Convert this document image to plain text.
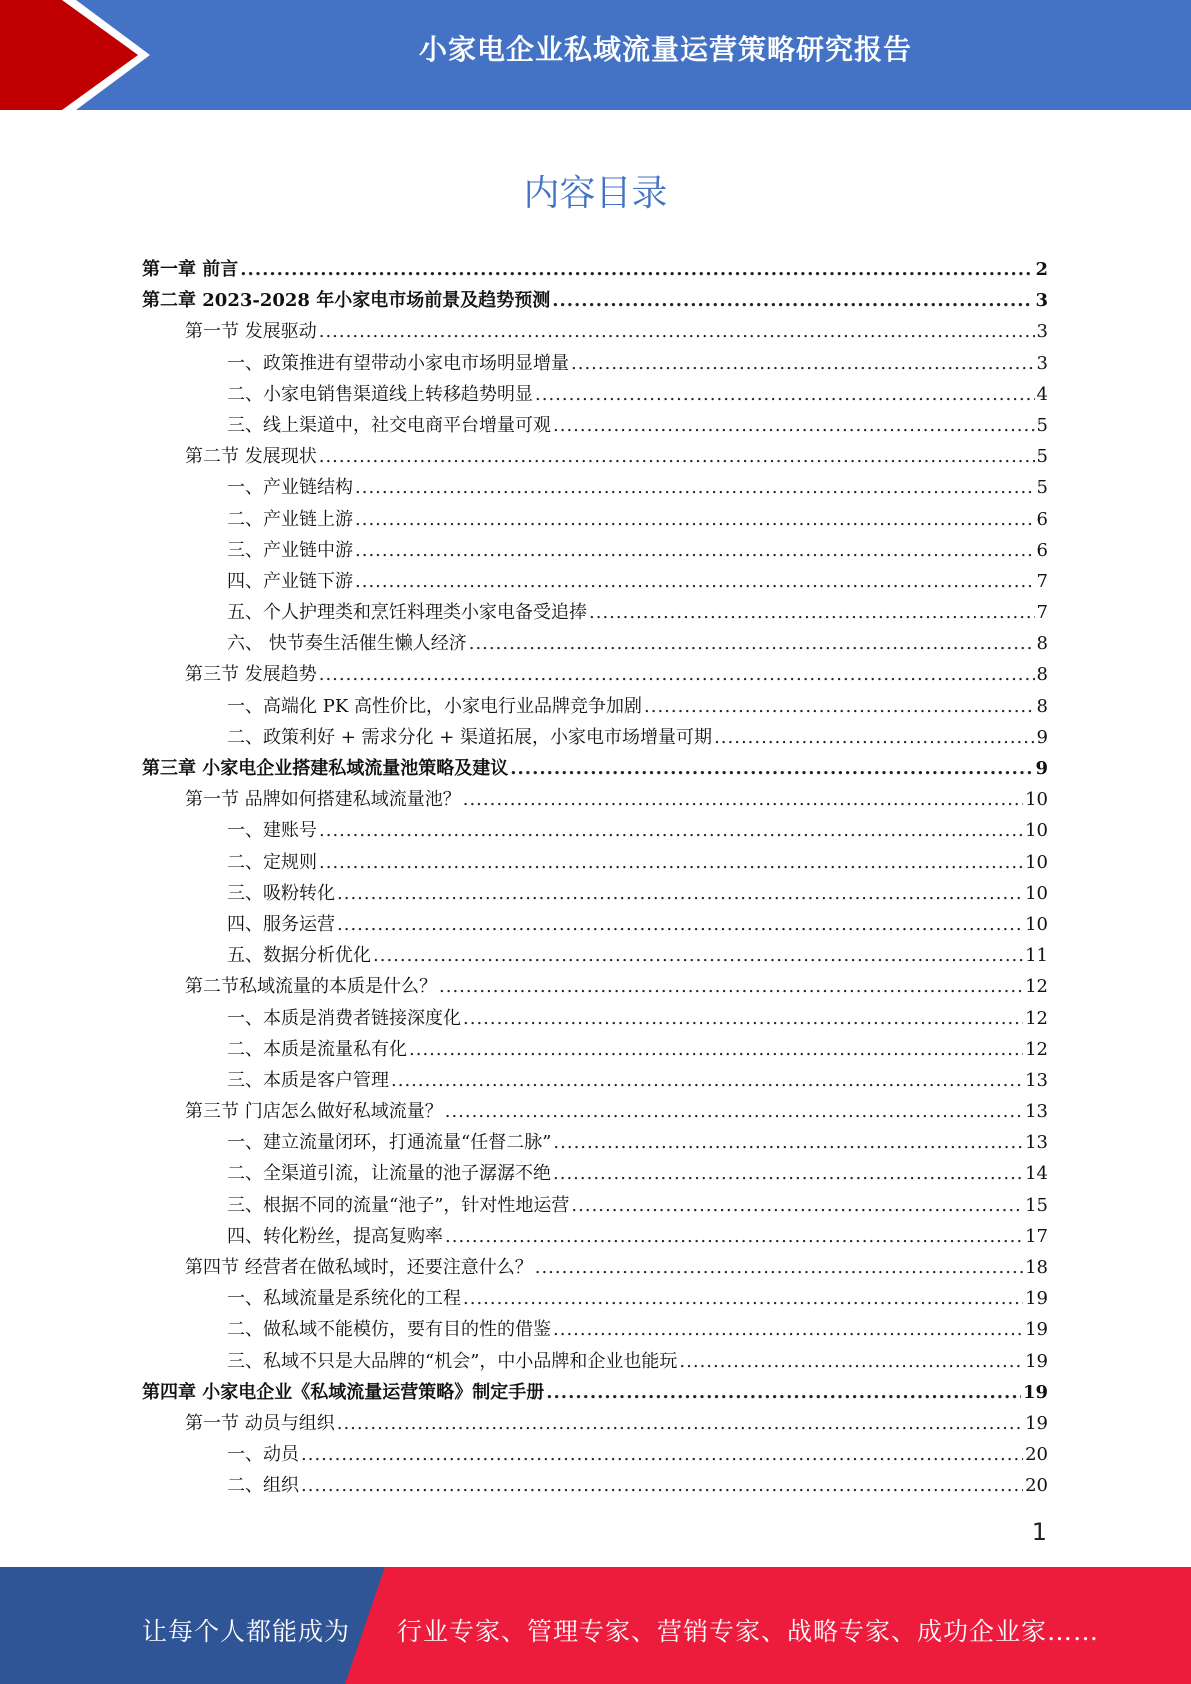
小家电企业私域流量运营策略研究报告
内容目录
第一章 前言 .....	2
第二章 2023-2028 年小家电市场前景及趋势预测 .....	3
第一节 发展驱动 .....	3
一、政策推进有望带动小家电市场明显增量 .....	3
二、小家电销售渠道线上转移趋势明显 .....	4
三、线上渠道中，社交电商平台增量可观 .....	5
第二节 发展现状 .....	5
一、产业链结构 .....	5
二、产业链上游 .....	6
三、产业链中游 .....	6
四、产业链下游 .....	7
五、个人护理类和烹饪料理类小家电备受追捧 .....	7
六、 快节奏生活催生懒人经济 .....	8
第三节 发展趋势 .....	8
一、高端化 PK 高性价比，小家电行业品牌竞争加剧 .....	8
二、政策利好 + 需求分化 + 渠道拓展，小家电市场增量可期 .....	9
第三章 小家电企业搭建私域流量池策略及建议 .....	9
第一节 品牌如何搭建私域流量池？ .....	10
一、建账号 .....	10
二、定规则 .....	10
三、吸粉转化 .....	10
四、服务运营 .....	10
五、数据分析优化 .....	11
第二节私域流量的本质是什么？ .....	12
一、本质是消费者链接深度化 .....	12
二、本质是流量私有化 .....	12
三、本质是客户管理 .....	13
第三节 门店怎么做好私域流量？ .....	13
一、建立流量闭环，打通流量“任督二脉” .....	13
二、全渠道引流，让流量的池子潺潺不绝 .....	14
三、根据不同的流量“池子”，针对性地运营 .....	15
四、转化粉丝，提高复购率 .....	17
第四节 经营者在做私域时，还要注意什么？ .....	18
一、私域流量是系统化的工程 .....	19
二、做私域不能模仿，要有目的性的借鉴 .....	19
三、私域不只是大品牌的“机会”，中小品牌和企业也能玩 .....	19
第四章 小家电企业《私域流量运营策略》制定手册 .....	19
第一节 动员与组织 .....	19
一、动员 .....	20
二、组织 .....	20
1
让每个人都能成为 行业专家、管理专家、营销专家、战略专家、成功企业家……
